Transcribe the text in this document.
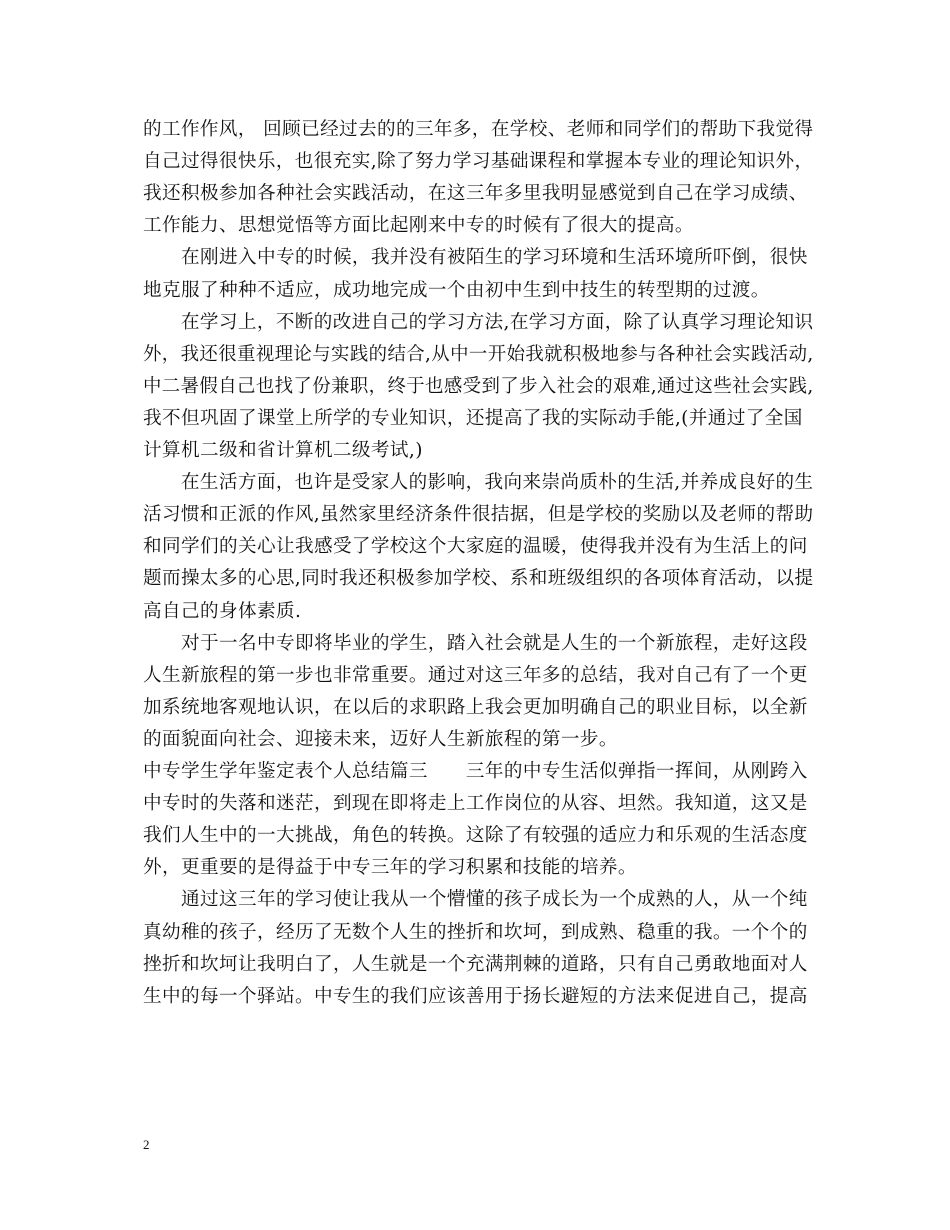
的工作作风， 回顾已经过去的的三年多，在学校、老师和同学们的帮助下我觉得
自己过得很快乐，也很充实,除了努力学习基础课程和掌握本专业的理论知识外，
我还积极参加各种社会实践活动，在这三年多里我明显感觉到自己在学习成绩、
工作能力、思想觉悟等方面比起刚来中专的时候有了很大的提高。
　　在刚进入中专的时候，我并没有被陌生的学习环境和生活环境所吓倒，很快
地克服了种种不适应，成功地完成一个由初中生到中技生的转型期的过渡。
　　在学习上，不断的改进自己的学习方法,在学习方面，除了认真学习理论知识
外，我还很重视理论与实践的结合,从中一开始我就积极地参与各种社会实践活动,
中二暑假自己也找了份兼职，终于也感受到了步入社会的艰难,通过这些社会实践,
我不但巩固了课堂上所学的专业知识，还提高了我的实际动手能,(并通过了全国
计算机二级和省计算机二级考试,)
　　在生活方面，也许是受家人的影响，我向来崇尚质朴的生活,并养成良好的生
活习惯和正派的作风,虽然家里经济条件很拮据，但是学校的奖励以及老师的帮助
和同学们的关心让我感受了学校这个大家庭的温暖，使得我并没有为生活上的问
题而操太多的心思,同时我还积极参加学校、系和班级组织的各项体育活动，以提
高自己的身体素质.
　　对于一名中专即将毕业的学生，踏入社会就是人生的一个新旅程，走好这段
人生新旅程的第一步也非常重要。通过对这三年多的总结，我对自己有了一个更
加系统地客观地认识，在以后的求职路上我会更加明确自己的职业目标，以全新
的面貌面向社会、迎接未来，迈好人生新旅程的第一步。
中专学生学年鉴定表个人总结篇三　　三年的中专生活似弹指一挥间，从刚跨入
中专时的失落和迷茫，到现在即将走上工作岗位的从容、坦然。我知道，这又是
我们人生中的一大挑战，角色的转换。这除了有较强的适应力和乐观的生活态度
外，更重要的是得益于中专三年的学习积累和技能的培养。
　　通过这三年的学习使让我从一个懵懂的孩子成长为一个成熟的人，从一个纯
真幼稚的孩子，经历了无数个人生的挫折和坎坷，到成熟、稳重的我。一个个的
挫折和坎坷让我明白了，人生就是一个充满荆棘的道路，只有自己勇敢地面对人
生中的每一个驿站。中专生的我们应该善用于扬长避短的方法来促进自己，提高
2
